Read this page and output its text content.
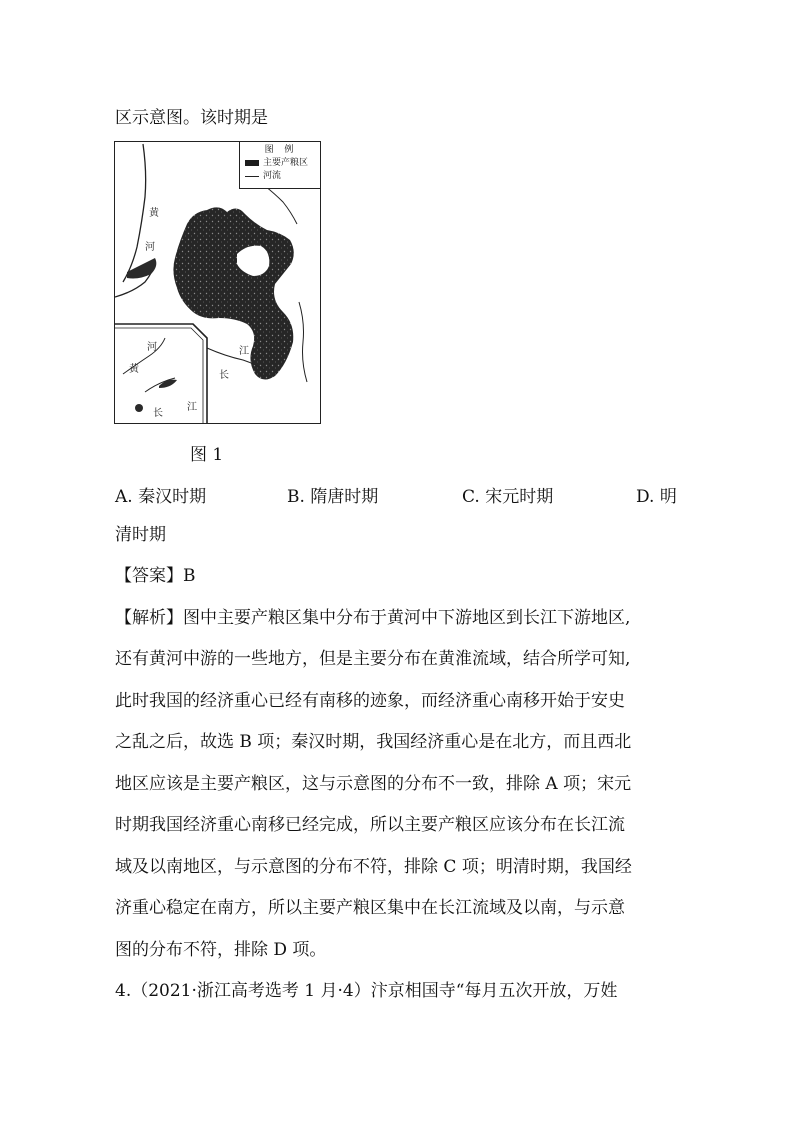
区示意图。该时期是
图 例
主要产粮区
河流
黄
河
江
长
河
黄
长
江
图 1
A. 秦汉时期	B. 隋唐时期	C. 宋元时期	D. 明
清时期
【答案】B
【解析】图中主要产粮区集中分布于黄河中下游地区到长江下游地区,
还有黄河中游的一些地方，但是主要分布在黄淮流域，结合所学可知,
此时我国的经济重心已经有南移的迹象，而经济重心南移开始于安史
之乱之后，故选 B 项；秦汉时期，我国经济重心是在北方，而且西北
地区应该是主要产粮区，这与示意图的分布不一致，排除 A 项；宋元
时期我国经济重心南移已经完成，所以主要产粮区应该分布在长江流
域及以南地区，与示意图的分布不符，排除 C 项；明清时期，我国经
济重心稳定在南方，所以主要产粮区集中在长江流域及以南，与示意
图的分布不符，排除 D 项。
4.（2021·浙江高考选考 1 月·4）汴京相国寺“每月五次开放，万姓
